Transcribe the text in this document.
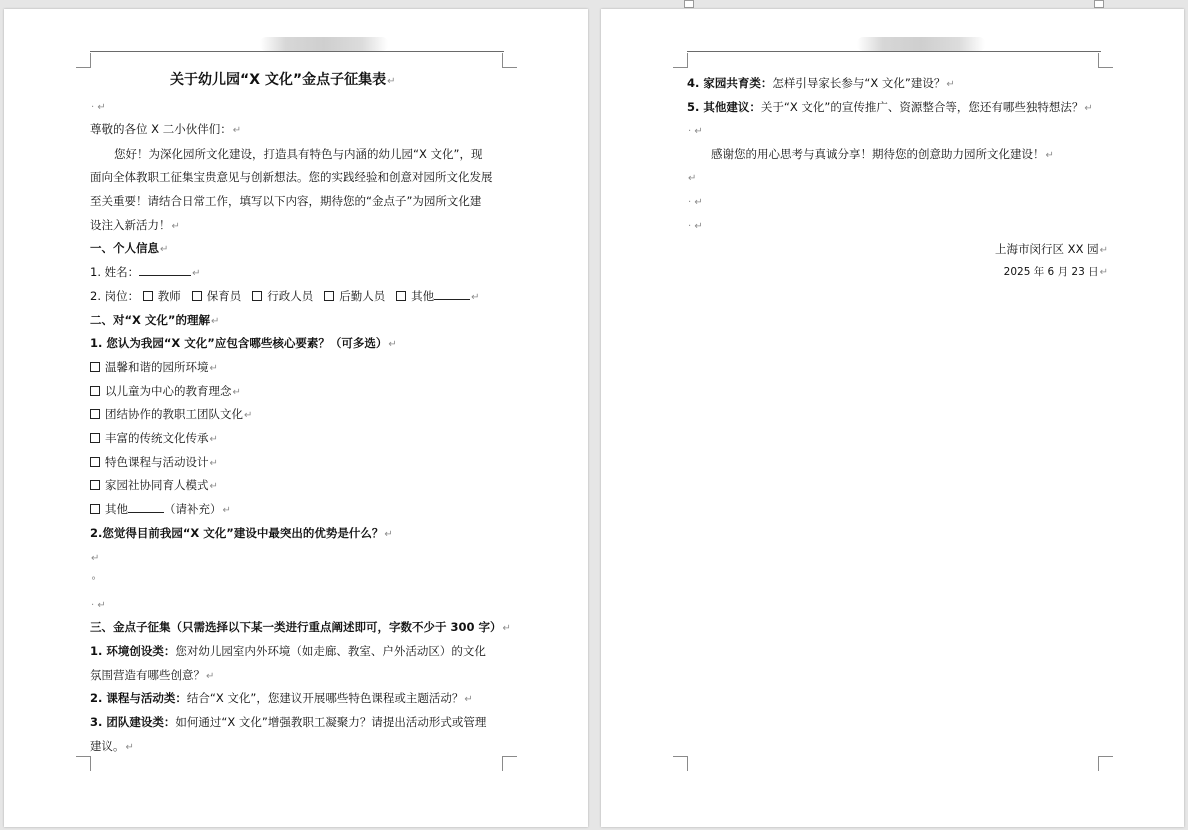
关于幼儿园“X 文化”金点子征集表↵
· ↵
尊敬的各位 X 二小伙伴们：↵
您好！为深化园所文化建设，打造具有特色与内涵的幼儿园“X 文化”，现
面向全体教职工征集宝贵意见与创新想法。您的实践经验和创意对园所文化发展
至关重要！请结合日常工作，填写以下内容，期待您的“金点子”为园所文化建
设注入新活力！↵
一、个人信息↵
1. 姓名：	↵
2. 岗位： 教师 保育员 行政人员 后勤人员 其他	↵
二、对“X 文化”的理解↵
1. 您认为我园“X 文化”应包含哪些核心要素？（可多选）↵
温馨和谐的园所环境↵
以儿童为中心的教育理念↵
团结协作的教职工团队文化↵
丰富的传统文化传承↵
特色课程与活动设计↵
家园社协同育人模式↵
其他	（请补充）↵
2.您觉得目前我园“X 文化”建设中最突出的优势是什么？↵
↵
°
· ↵
三、金点子征集（只需选择以下某一类进行重点阐述即可，字数不少于 300 字）↵
1. 环境创设类：您对幼儿园室内外环境（如走廊、教室、户外活动区）的文化
氛围营造有哪些创意？↵
2. 课程与活动类：结合“X 文化”，您建议开展哪些特色课程或主题活动？↵
3. 团队建设类：如何通过“X 文化”增强教职工凝聚力？请提出活动形式或管理
建议。↵
4. 家园共育类：怎样引导家长参与“X 文化”建设？↵
5. 其他建议：关于“X 文化”的宣传推广、资源整合等，您还有哪些独特想法？↵
· ↵
感谢您的用心思考与真诚分享！期待您的创意助力园所文化建设！↵
↵
· ↵
· ↵
上海市闵行区 XX 园↵
2025 年 6 月 23 日↵
